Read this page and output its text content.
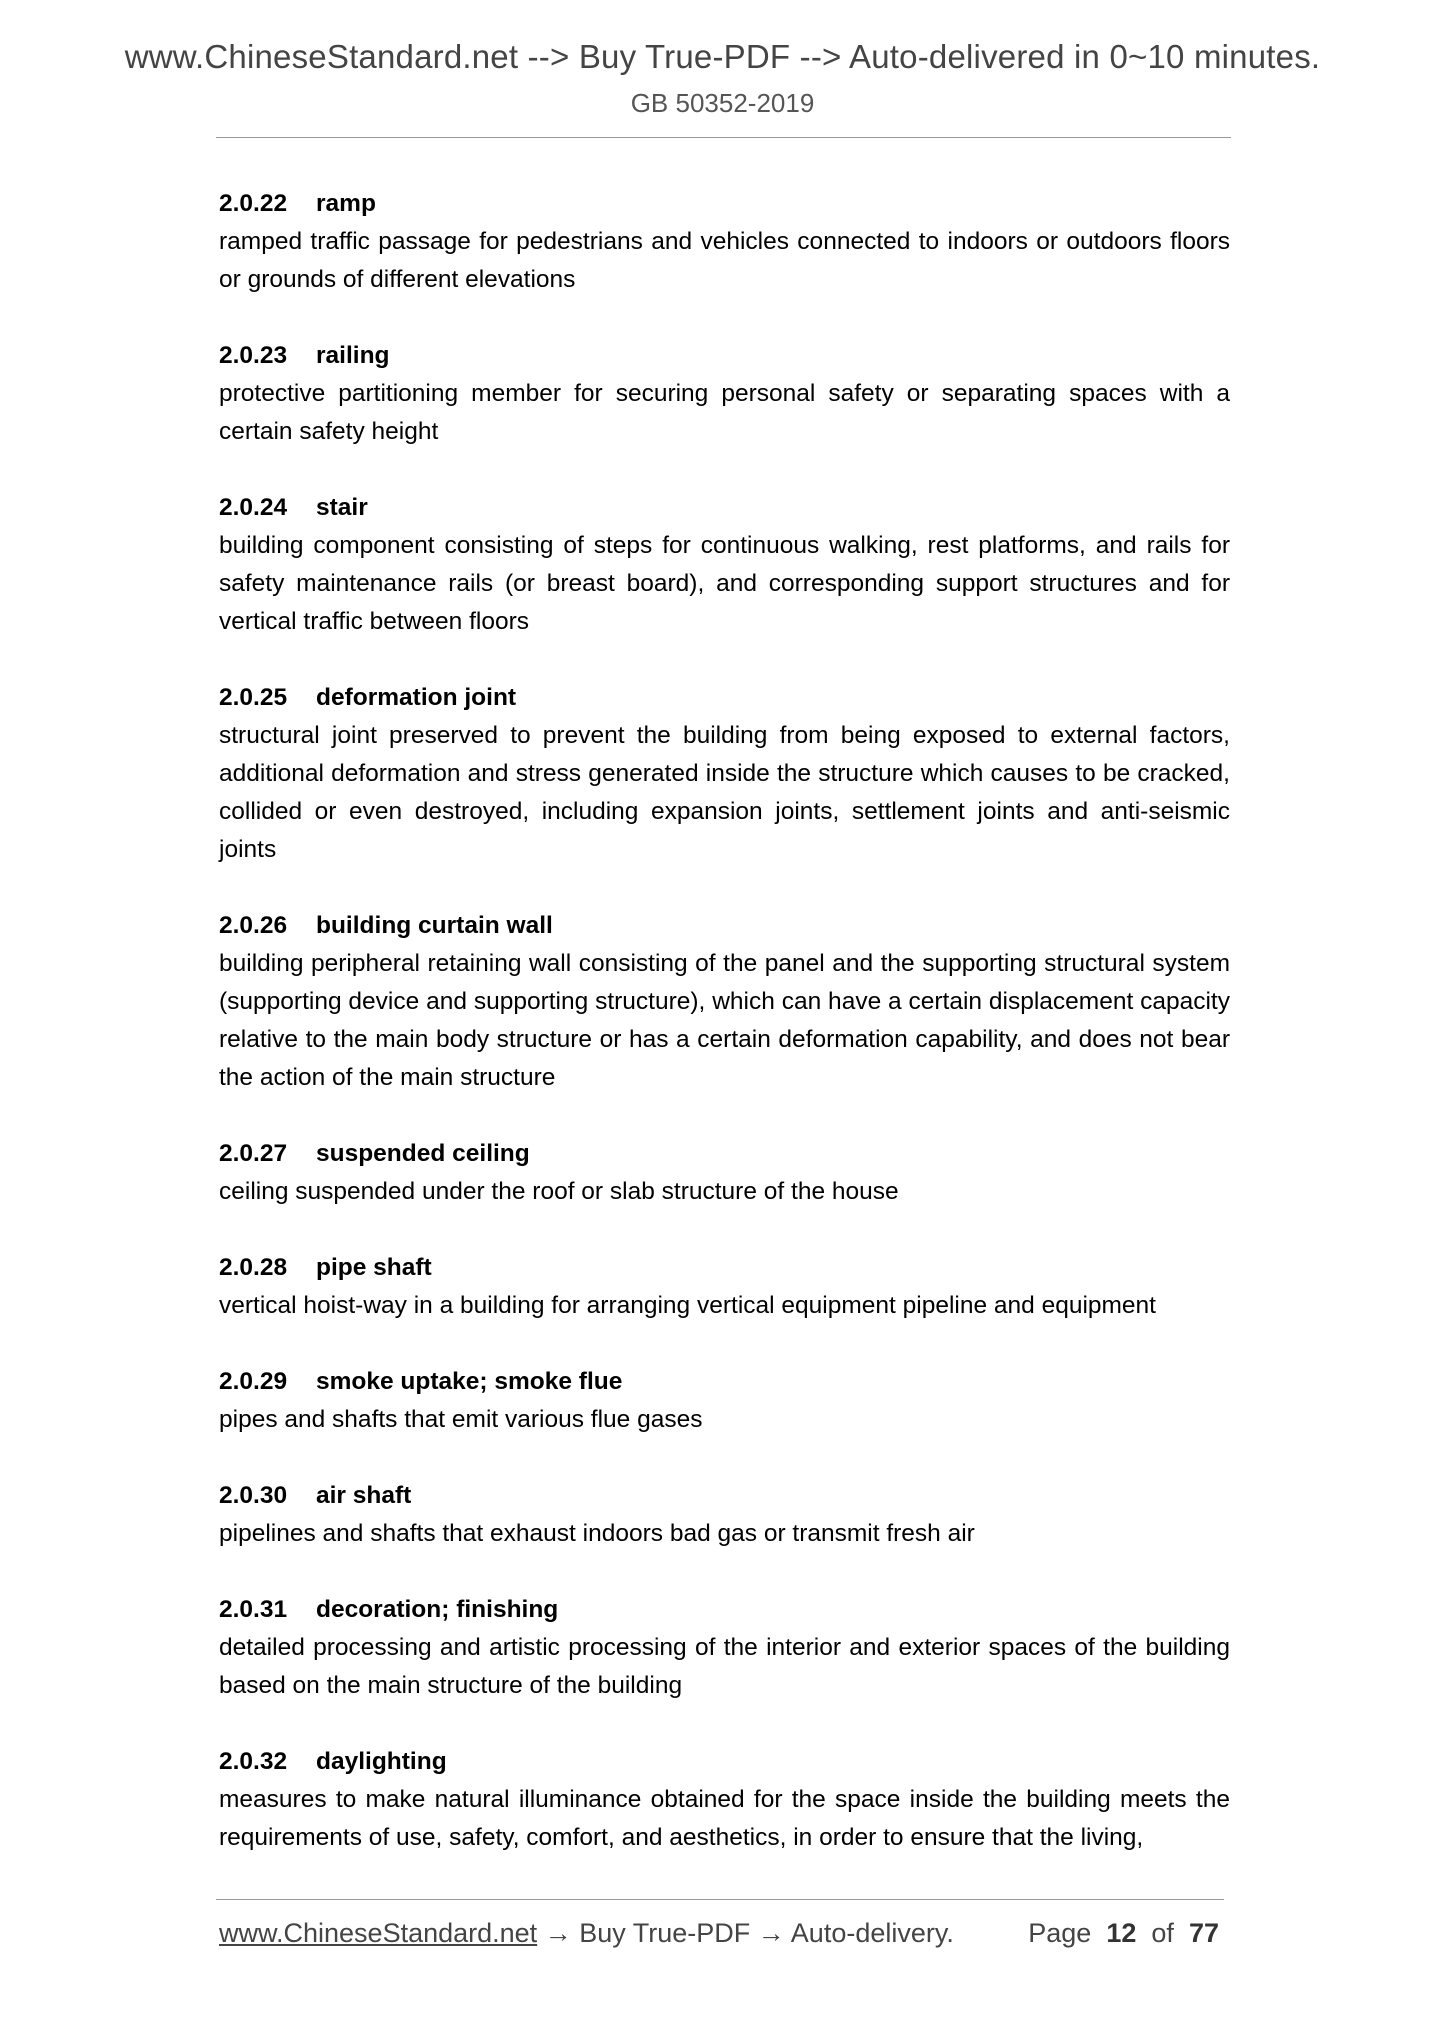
www.ChineseStandard.net --> Buy True-PDF --> Auto-delivered in 0~10 minutes.
GB 50352-2019
2.0.22 ramp
ramped traffic passage for pedestrians and vehicles connected to indoors or outdoors floors or grounds of different elevations
2.0.23 railing
protective partitioning member for securing personal safety or separating spaces with a certain safety height
2.0.24 stair
building component consisting of steps for continuous walking, rest platforms, and rails for safety maintenance rails (or breast board), and corresponding support structures and for vertical traffic between floors
2.0.25 deformation joint
structural joint preserved to prevent the building from being exposed to external factors, additional deformation and stress generated inside the structure which causes to be cracked, collided or even destroyed, including expansion joints, settlement joints and anti-seismic joints
2.0.26 building curtain wall
building peripheral retaining wall consisting of the panel and the supporting structural system (supporting device and supporting structure), which can have a certain displacement capacity relative to the main body structure or has a certain deformation capability, and does not bear the action of the main structure
2.0.27 suspended ceiling
ceiling suspended under the roof or slab structure of the house
2.0.28 pipe shaft
vertical hoist-way in a building for arranging vertical equipment pipeline and equipment
2.0.29 smoke uptake; smoke flue
pipes and shafts that emit various flue gases
2.0.30 air shaft
pipelines and shafts that exhaust indoors bad gas or transmit fresh air
2.0.31 decoration; finishing
detailed processing and artistic processing of the interior and exterior spaces of the building based on the main structure of the building
2.0.32 daylighting
measures to make natural illuminance obtained for the space inside the building meets the requirements of use, safety, comfort, and aesthetics, in order to ensure that the living,
www.ChineseStandard.net → Buy True-PDF → Auto-delivery.	Page 12 of 77
